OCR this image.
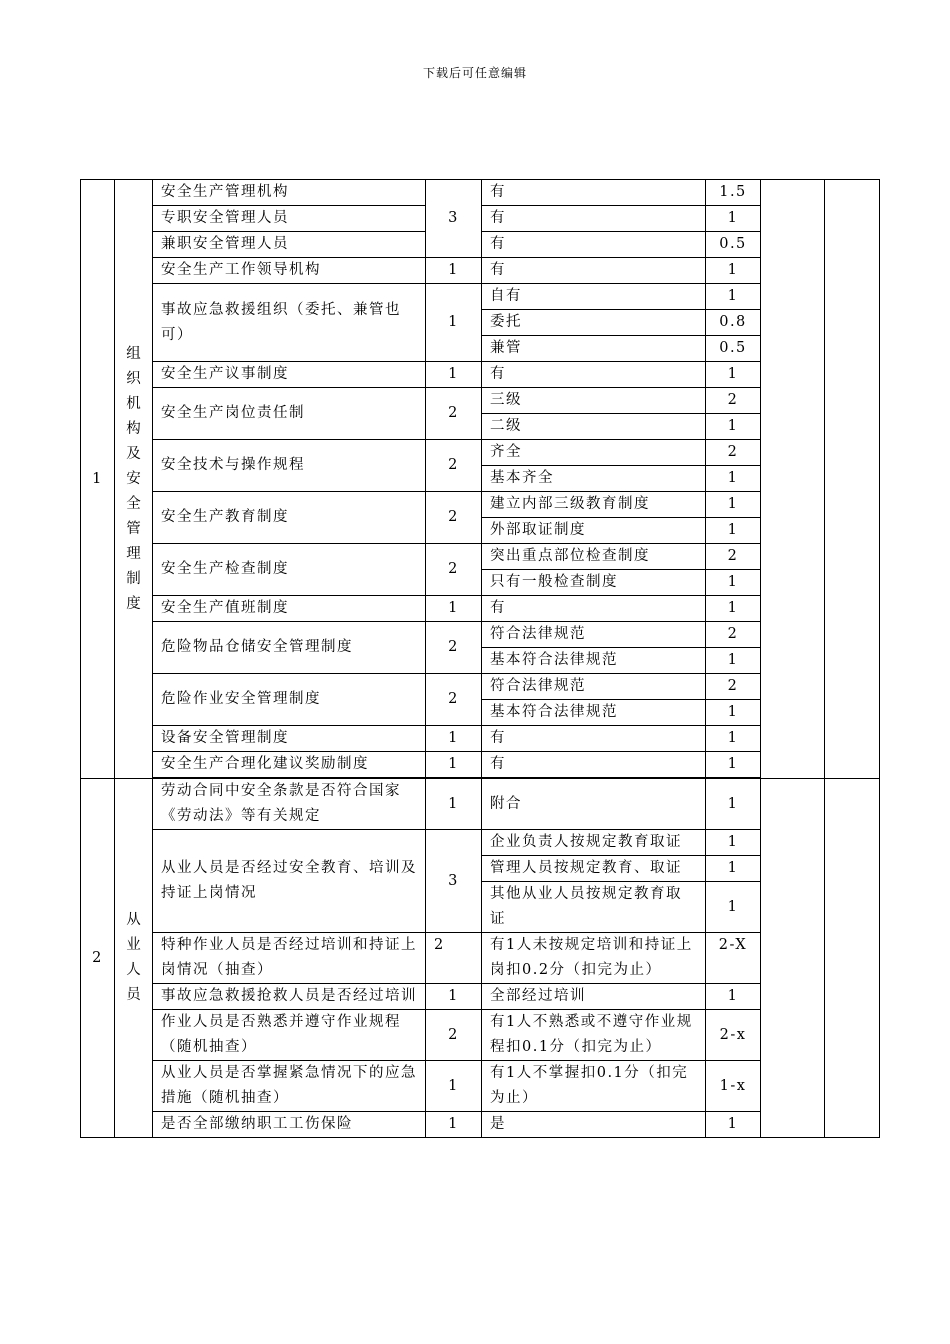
下载后可任意编辑
1	组织机构及安全管理制度	安全生产管理机构	3	有	1.5		
		专职安全管理人员		有	1		
		兼职安全管理人员		有	0.5		
		安全生产工作领导机构	1	有	1		
		事故应急救援组织（委托、兼管也可）	1	自有	1		
				委托	0.8		
				兼管	0.5		
		安全生产议事制度	1	有	1		
		安全生产岗位责任制	2	三级	2		
				二级	1		
		安全技术与操作规程	2	齐全	2		
				基本齐全	1		
		安全生产教育制度	2	建立内部三级教育制度	1		
				外部取证制度	1		
		安全生产检查制度	2	突出重点部位检查制度	2		
				只有一般检查制度	1		
		安全生产值班制度	1	有	1		
		危险物品仓储安全管理制度	2	符合法律规范	2		
				基本符合法律规范	1		
		危险作业安全管理制度	2	符合法律规范	2		
				基本符合法律规范	1		
		设备安全管理制度	1	有	1		
		安全生产合理化建议奖励制度	1	有	1		

2	从业人员	劳动合同中安全条款是否符合国家《劳动法》等有关规定	1	附合	1		
		从业人员是否经过安全教育、培训及持证上岗情况	3	企业负责人按规定教育取证	1		
				管理人员按规定教育、取证	1		
				其他从业人员按规定教育取证	1		
		特种作业人员是否经过培训和持证上岗情况（抽查）	2	有1人未按规定培训和持证上岗扣0.2分（扣完为止）	2-X		
		事故应急救援抢救人员是否经过培训	1	全部经过培训	1		
		作业人员是否熟悉并遵守作业规程（随机抽查）	2	有1人不熟悉或不遵守作业规程扣0.1分（扣完为止）	2-x		
		从业人员是否掌握紧急情况下的应急措施（随机抽查）	1	有1人不掌握扣0.1分（扣完为止）	1-x		
		是否全部缴纳职工工伤保险	1	是	1		
